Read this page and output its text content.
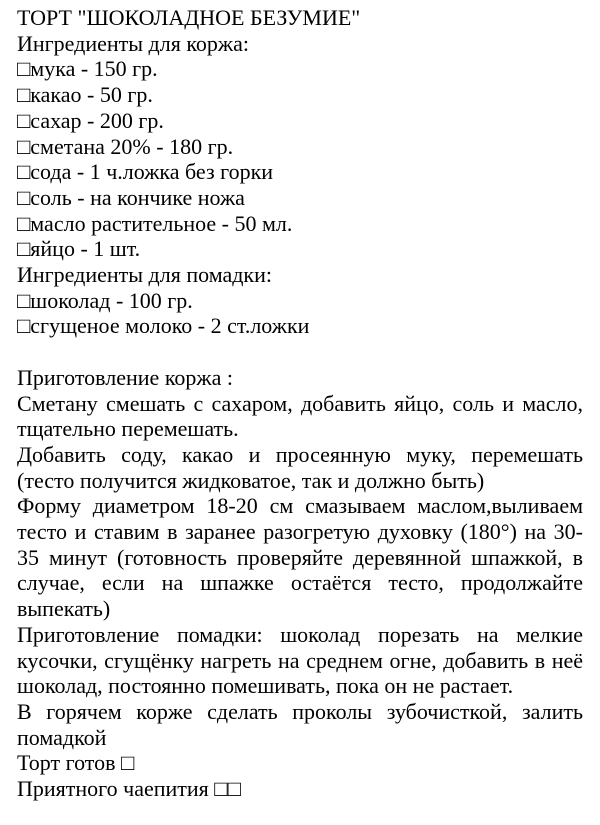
ТОРТ "ШОКОЛАДНОЕ БЕЗУМИЕ"
Ингредиенты для коржа:
□мука - 150 гр.
□какао - 50 гр.
□сахар - 200 гр.
□сметана 20% - 180 гр.
□сода - 1 ч.ложка без горки
□соль - на кончике ножа
□масло растительное - 50 мл.
□яйцо - 1 шт.
Ингредиенты для помадки:
□шоколад - 100 гр.
□сгущеное молоко - 2 ст.ложки
Приготовление коржа :

Сметану смешать с сахаром, добавить яйцо, соль и масло, тщательно перемешать.

Добавить соду, какао и просеянную муку, перемешать (тесто получится жидковатое, так и должно быть)

Форму диаметром 18-20 см смазываем маслом,выливаем тесто и ставим в заранее разогретую духовку (180°) на 30-35 минут (готовность проверяйте деревянной шпажкой, в случае, если на шпажке остаётся тесто, продолжайте выпекать)

Приготовление помадки: шоколад порезать на мелкие кусочки, сгущёнку нагреть на среднем огне, добавить в неё шоколад, постоянно помешивать, пока он не растает.

В горячем корже сделать проколы зубочисткой, залить помадкой

Торт готов □
Приятного чаепития □□
